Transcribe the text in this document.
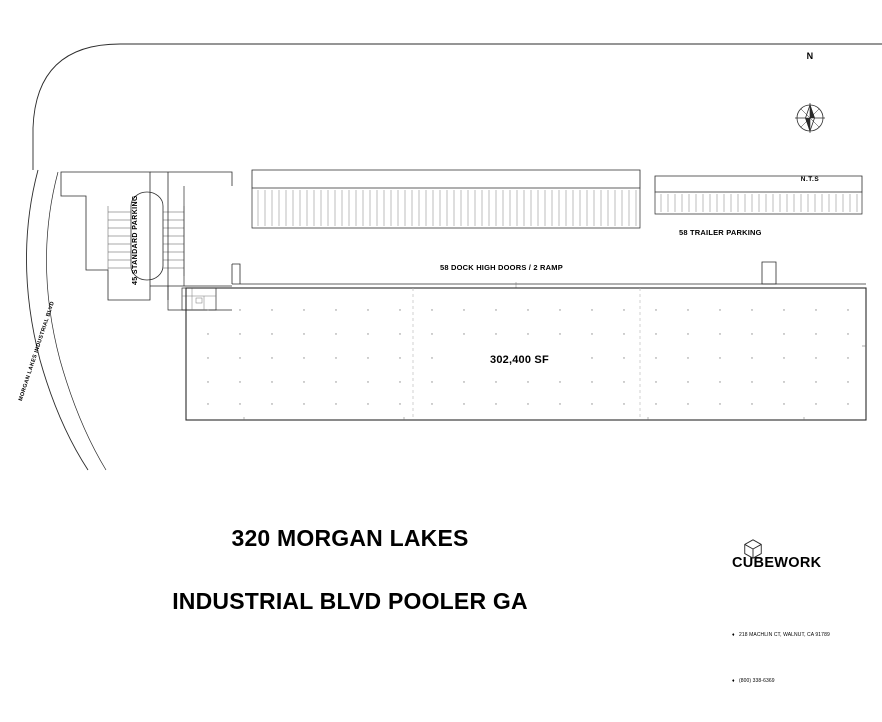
N

N.T.S

45 STANDARD PARKING
MORGAN LAKES INDUSTRIAL BLVD
58 TRAILER PARKING
58 DOCK HIGH DOORS / 2 RAMP
302,400 SF

320 MORGAN LAKES

INDUSTRIAL BLVD POOLER GA

CUBEWORK

♦ 218 MACHLIN CT, WALNUT, CA 91789

♦ (800) 338-6369
